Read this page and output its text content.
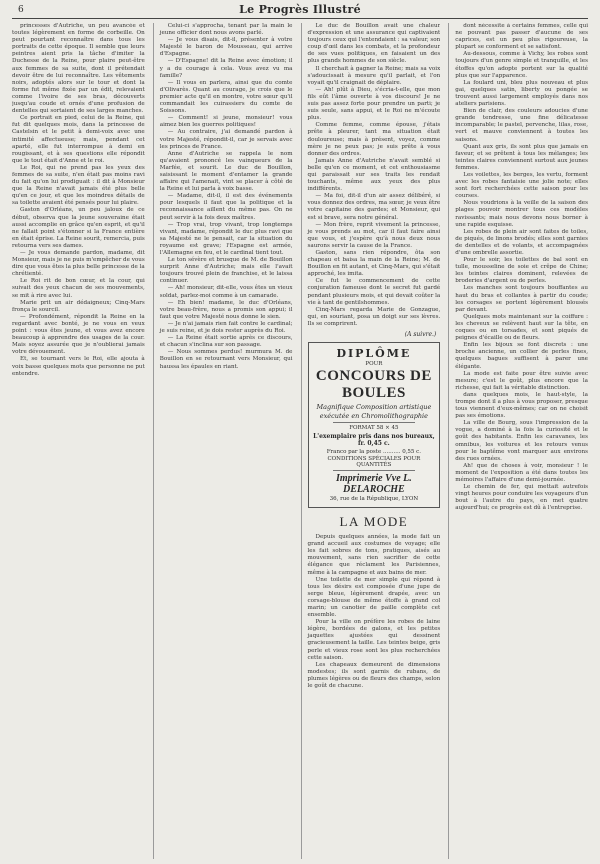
6	Le Progrès Illustré

princesses d'Autriche, un peu avancée et toutes légèrement en forme de corbeille. On peut pourtant reconnaître dans tous les portraits de cette époque. Il semble que leurs peintres aient pris la tâche d'imiter la Duchesse de la Reine, pour plaire peut-être aux femmes de sa suite, dont il prétendait devoir être de lui reconnaître. Les vêtements noirs, adoptés alors sur le tour et dont la forme fut même fixée par un édit, relevaient comme l'ivoire de ses bras, découverts jusqu'au coude et ornés d'une profusion de dentelles qui sortaient de ses larges manches.

Ce portrait en pied, celui de la Reine, qui fut dit quelques mois, dans la princesse de Castelsin et le petit à demi-voix avec une intimité affectueuse; mais, pendant cet aparté, elle fut interrompue à demi en rougissant, et à ses questions elle répondit que le tout était d'Anne et le roi.

Le Roi, qui ne prend pas les yeux des femmes de sa suite, n'en était pas moins ravi du fait qu'on lui prodiguait : il dit à Monsieur que la Reine n'avait jamais été plus belle qu'en ce jour, et que les moindres détails de sa toilette avaient été pensés pour lui plaire.

Gaston d'Orléans, un peu jaloux de ce début, observa que la jeune souveraine était aussi accomplie en grâce qu'en esprit, et qu'il ne fallait point s'étonner si la France entière en était éprise. La Reine sourit, remercia, puis retourna vers ses dames.

— Je vous demande pardon, madame, dit Monsieur, mais je ne puis m'empêcher de vous dire que vous êtes la plus belle princesse de la chrétienté.

Le Roi rit de bon cœur, et la cour, qui suivait des yeux chacun de ses mouvements, se mit à rire avec lui.

Marie prit un air dédaigneux; Cinq-Mars fronça le sourcil.

— Profondément, répondit la Reine en la regardant avec bonté, je ne vous en veux point : vous êtes jeune, et vous avez encore beaucoup à apprendre des usages de la cour. Mais soyez assurée que je n'oublierai jamais votre dévouement.

Et, se tournant vers le Roi, elle ajouta à voix basse quelques mots que personne ne put entendre.

Celui-ci s'approcha, tenant par la main le jeune officier dont nous avons parlé.

— Je vous disais, dit-il, présenter à votre Majesté le baron de Mousseau, qui arrive d'Espagne.

— D'Espagne! dit la Reine avec émotion; il y a du courage à cela. Vous avez vu ma famille?

— Il vous en parlera, ainsi que du comte d'Olivarès. Quant au courage, je crois que le premier acte qu'il en montre, votre sœur qu'il commandait les cuirassiers du comte de Soissons.

— Comment! si jeune, monsieur! vous aimez bien les guerres politiques!

— Au contraire, j'ai demandé pardon à votre Majesté, répondit-il, car je servais avec les princes de France.

Anne d'Autriche se rappela le nom qu'avaient prononcé les vainqueurs de la Marfée, et sourit. Le duc de Bouillon, saisissant le moment d'entamer la grande affaire qui l'amenait, vint se placer à côté de la Reine et lui parla à voix basse.

— Madame, dit-il, il est des événements pour lesquels il faut que la politique et la reconnaissance aillent du même pas. On ne peut servir à la fois deux maîtres.

— Trop vrai, trop vivant, trop longtemps vivant, madame, répondit le duc plus ravi que sa Majesté ne le pensait, car la situation du royaume est grave; l'Espagne est armée, l'Allemagne en feu, et le cardinal tient tout.

Le ton sévère et brusque de M. de Bouillon surprit Anne d'Autriche; mais elle l'avait toujours trouvé plein de franchise, et le laissa continuer.

— Ah! monsieur, dit-elle, vous êtes un vieux soldat, parlez-moi comme à un camarade.

— Eh bien! madame, le duc d'Orléans, votre beau-frère, nous a promis son appui; il faut que votre Majesté nous donne le sien.

— Je n'ai jamais rien fait contre le cardinal; je suis reine, et je dois rester auprès du Roi.

— La Reine était sortie après ce discours, et chacun s'inclina sur son passage.

— Nous sommes perdus! murmura M. de Bouillon en se retournant vers Monsieur, qui haussa les épaules en riant.

Le duc de Bouillon avait une chaleur d'expression et une assurance qui captivaient toujours ceux qui l'entendaient : sa valeur, son coup d'œil dans les combats, et la profondeur de ses vues politiques, en faisaient un des plus grands hommes de son siècle.

Il cherchait à gagner la Reine; mais sa voix s'adoucissait à mesure qu'il parlait, et l'on voyait qu'il craignait de déplaire.

— Ah! plût à Dieu, s'écria-t-elle, que mon fils eût l'âme ouverte à vos discours! Je ne suis pas assez forte pour prendre un parti; je suis seule, sans appui, et le Roi ne m'écoute plus.

Comme femme, comme épouse, j'étais prête à pleurer, tant ma situation était douloureuse; mais à présent, voyez, comme mère je ne peux pas; je suis prête à vous donner des ordres.

Jamais Anne d'Autriche n'avait semblé si belle qu'en ce moment, et cet enthousiasme qui paraissait sur ses traits les rendait touchants, même aux yeux des plus indifférents.

— Ma foi, dit-il d'un air assez délibéré, si vous donnez des ordres, ma sœur, je veux être votre capitaine des gardes; et Monsieur, qui est si brave, sera notre général.

— Mon frère, reprit vivement la princesse, je vous prends au mot, car il faut faire ainsi que vous, et j'espère qu'à nous deux nous saurons servir la cause de la France.

Gaston, sans rien répondre, ôta son chapeau et baisa la main de la Reine; M. de Bouillon en fit autant, et Cinq-Mars, qui s'était approché, les imita.

Ce fut le commencement de cette conjuration fameuse dont le secret fut gardé pendant plusieurs mois, et qui devait coûter la vie à tant de gentilshommes.

Cinq-Mars regarda Marie de Gonzague, qui, en souriant, posa un doigt sur ses lèvres. Ils se comprirent.

(A suivre.)
DIPLÔME
POUR
CONCOURS DE BOULES
Magnifique Composition artistique
exécutée en Chromolithographie
FORMAT 58 × 45
L'exemplaire pris dans nos bureaux, fr. 0,45 c.
Franco par la poste .......... 0,55 c.
CONDITIONS SPÉCIALES POUR QUANTITÉS
Imprimerie Vve L. DELAROCHE
36, rue de la République, LYON
LA MODE

Depuis quelques années, la mode fait un grand accueil aux costumes de voyage; elle les fait sobres de tons, pratiques, aisés au mouvement, sans rien sacrifier de cette élégance que réclament les Parisiennes, même à la campagne et aux bains de mer.

Une toilette de mer simple qui répond à tous les désirs est composée d'une jupe de serge bleue, légèrement drapée, avec un corsage-blouse de même étoffe à grand col marin; un canotier de paille complète cet ensemble.

Pour la ville on préfère les robes de laine légère, bordées de galons, et les petites jaquettes ajustées qui dessinent gracieusement la taille. Les teintes beige, gris perle et vieux rose sont les plus recherchées cette saison.

Les chapeaux demeurent de dimensions modestes; ils sont garnis de rubans, de plumes légères ou de fleurs des champs, selon le goût de chacune.

dont nécessite à certains femmes, celle qui ne pouvant pas passer d'aucune de ses caprices, est un peu plus rigoureuse, la plupart se conforment et se satisfont.

Au-dessous, comme à Vichy, les robes sont toujours d'un genre simple et tranquille, et les étoffes qu'on adopte portent sur la qualité plus que sur l'apparence.

La foulard uni, bleu plus nouveau et plus gai, quelques satin, liberty ou pongée se trouvent aussi largement employés dans nos ateliers parisiens.

Bien de clair, des couleurs adoucies d'une grande tendresse, une fine délicatesse incomparable; le pastel, pervenche, lilas, rose, vert et mauve conviennent à toutes les saisons.

Quant aux gris, ils sont plus que jamais en faveur, et se prêtent à tous les mélanges; les teintes claires conviennent surtout aux jeunes femmes.

Les voilettes, les berges, les vertu, forment avec les robes fantaisie une jolie note; elles sont fort recherchées cette saison pour les courses.

Nous voudrions à la veille de la saison des plages pouvoir montrer tous ces modèles ravissants; mais nous devons nous borner à une rapide esquisse.

Les robes de plein air sont faites de toiles, de piqués, de linons brodés; elles sont garnies de dentelles et de volants, et accompagnées d'une ombrelle assortie.

Pour le soir, les toilettes de bal sont en tulle, mousseline de soie et crêpe de Chine; les teintes claires dominent, relevées de broderies d'argent ou de perles.

Les manches sont toujours bouffantes au haut du bras et collantes à partir du coude; les corsages se portent légèrement blousés par devant.

Quelques mots maintenant sur la coiffure : les cheveux se relèvent haut sur la tête, en coques ou en torsades, et sont piqués de peignes d'écaille ou de fleurs.

Enfin les bijoux se font discrets : une broche ancienne, un collier de perles fines, quelques bagues suffisent à parer une élégante.

La mode est faite pour être suivie avec mesure; c'est le goût, plus encore que la richesse, qui fait la véritable distinction.

dans quelques mois, le haut-style, la trompe dont il a plus à vous proposer, presque tous viennent d'eux-mêmes; car on ne choisit pas ses émotions.

La ville de Bourg, sous l'impression de la vogue, a dominé à la fois la curiosité et le goût des habitants. Enfin les caravanes, les omnibus, les voitures et les retours venus pour le baptême vont marquer aux environs des rues ornées.

Ah! que de choses à voir, monsieur ! le moment de l'exposition a été dans toutes les mémoires l'affaire d'une demi-journée.

Le chemin de fer, qui mettait autrefois vingt heures pour conduire les voyageurs d'un bout à l'autre du pays, en met quatre aujourd'hui; ce progrès est dû à l'entreprise.
